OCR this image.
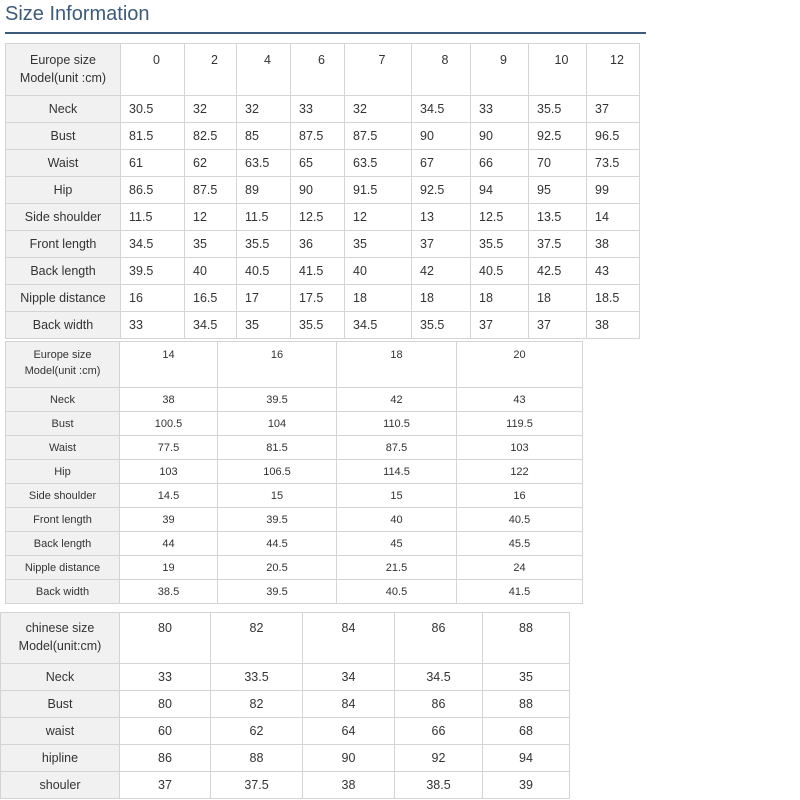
Size Information
Europe size
Model(unit :cm)	0	2	4	6	7	8	9	10	12
Neck	30.5	32	32	33	32	34.5	33	35.5	37
Bust	81.5	82.5	85	87.5	87.5	90	90	92.5	96.5
Waist	61	62	63.5	65	63.5	67	66	70	73.5
Hip	86.5	87.5	89	90	91.5	92.5	94	95	99
Side shoulder	11.5	12	11.5	12.5	12	13	12.5	13.5	14
Front length	34.5	35	35.5	36	35	37	35.5	37.5	38
Back length	39.5	40	40.5	41.5	40	42	40.5	42.5	43
Nipple distance	16	16.5	17	17.5	18	18	18	18	18.5
Back width	33	34.5	35	35.5	34.5	35.5	37	37	38
Europe size
Model(unit :cm)	14	16	18	20
Neck	38	39.5	42	43
Bust	100.5	104	110.5	119.5
Waist	77.5	81.5	87.5	103
Hip	103	106.5	114.5	122
Side shoulder	14.5	15	15	16
Front length	39	39.5	40	40.5
Back length	44	44.5	45	45.5
Nipple distance	19	20.5	21.5	24
Back width	38.5	39.5	40.5	41.5
chinese size
Model(unit:cm)	80	82	84	86	88
Neck	33	33.5	34	34.5	35
Bust	80	82	84	86	88
waist	60	62	64	66	68
hipline	86	88	90	92	94
shouler	37	37.5	38	38.5	39
